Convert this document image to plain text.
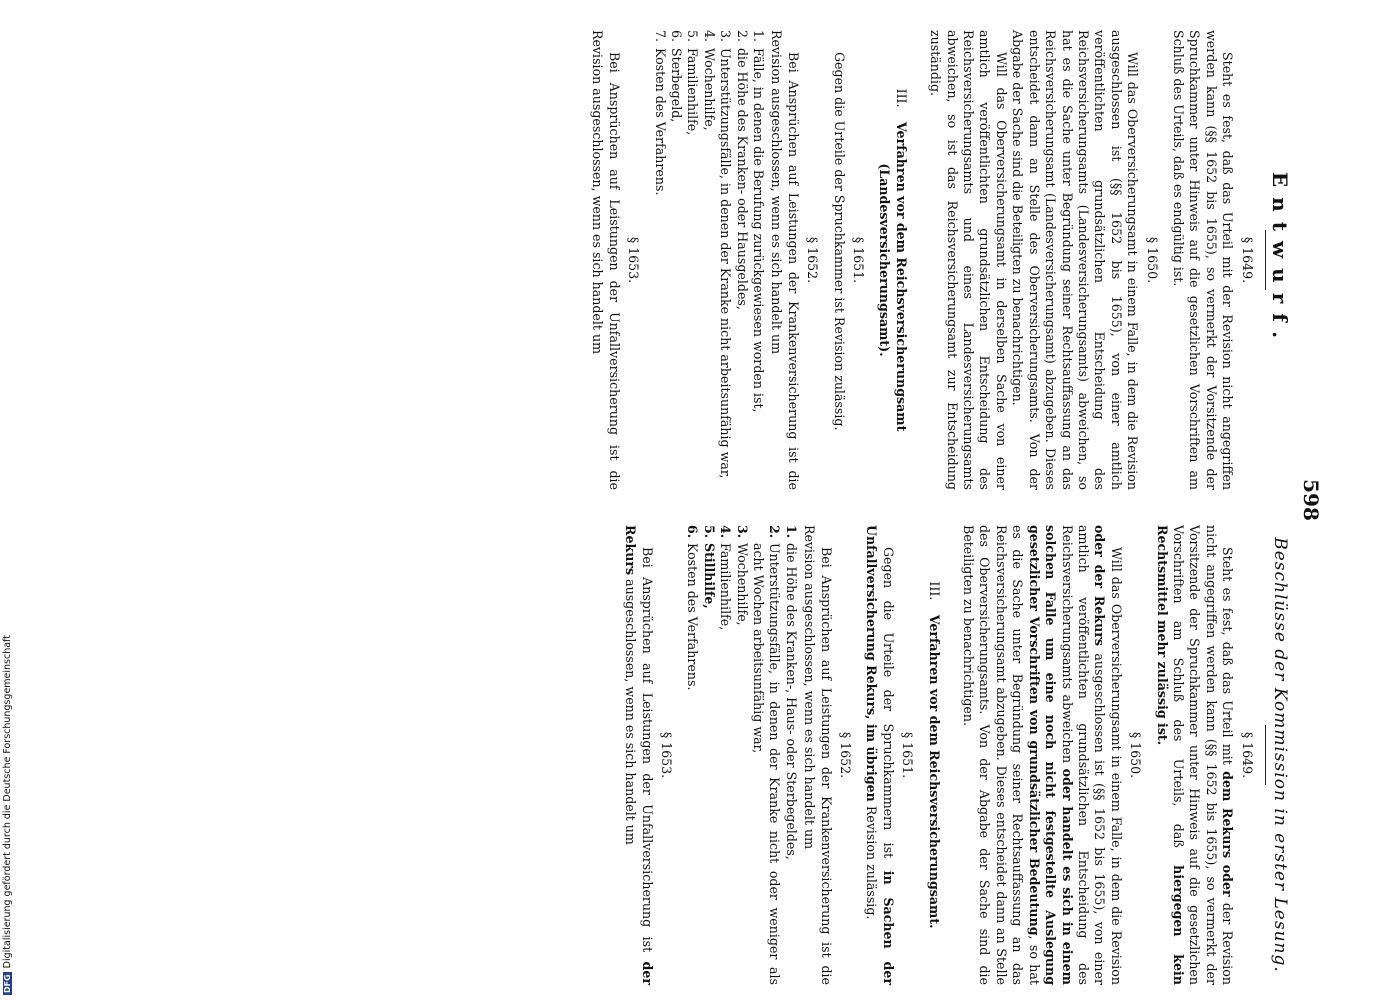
598
Entwurf.
§ 1649.

Steht es fest, daß das Urteil mit der Revision nicht angegriffen werden kann (§§ 1652 bis 1655), so vermerkt der Vorsitzende der Spruchkammer unter Hinweis auf die gesetzlichen Vorschriften am Schluß des Urteils, daß es endgültig ist.

§ 1650.

Will das Oberversicherungsamt in einem Falle, in dem die Revision ausgeschlossen ist (§§ 1652 bis 1655), von einer amtlich veröffentlichten grundsätzlichen Entscheidung des Reichsversicherungsamts (Landesversicherungsamts) abweichen, so hat es die Sache unter Begründung seiner Rechtsauffassung an das Reichsversicherungsamt (Landesversicherungsamt) abzugeben. Dieses entscheidet dann an Stelle des Oberversicherungsamts. Von der Abgabe der Sache sind die Beteiligten zu benachrichtigen.

Will das Oberversicherungsamt in derselben Sache von einer amtlich veröffentlichten grundsätzlichen Entscheidung des Reichsversicherungsamts und eines Landesversicherungsamts abweichen, so ist das Reichsversicherungsamt zur Entscheidung zuständig.

III. Verfahren vor dem Reichsversicherungsamt (Landesversicherungsamt).
§ 1651.

Gegen die Urteile der Spruchkammer ist Revision zulässig.

§ 1652.

Bei Ansprüchen auf Leistungen der Krankenversicherung ist die Revision ausgeschlossen, wenn es sich handelt um

1.Fälle, in denen die Berufung zurückgewiesen worden ist,
2.die Höhe des Kranken- oder Hausgeldes,
3.Unterstützungsfälle, in denen der Kranke nicht arbeitsunfähig war,
4.Wochenhilfe,
5.Familienhilfe,
6.Sterbegeld,
7.Kosten des Verfahrens.
§ 1653.

Bei Ansprüchen auf Leistungen der Unfallversicherung ist die Revision ausgeschlossen, wenn es sich handelt um

Beschlüsse der Kommission in erster Lesung.
§ 1649.

Steht es fest, daß das Urteil mit dem Rekurs oder der Revision nicht angegriffen werden kann (§§ 1652 bis 1655), so vermerkt der Vorsitzende der Spruchkammer unter Hinweis auf die gesetzlichen Vorschriften am Schluß des Urteils, daß hiergegen kein Rechtsmittel mehr zulässig ist.

§ 1650.

Will das Oberversicherungsamt in einem Falle, in dem die Revision oder der Rekurs ausgeschlossen ist (§§ 1652 bis 1655), von einer amtlich veröffentlichten grundsätzlichen Entscheidung des Reichsversicherungsamts abweichen oder handelt es sich in einem solchen Falle um eine noch nicht festgestellte Auslegung gesetzlicher Vorschriften von grundsätzlicher Bedeutung, so hat es die Sache unter Begründung seiner Rechtsauffassung an das Reichsversicherungsamt abzugeben. Dieses entscheidet dann an Stelle des Oberversicherungsamts. Von der Abgabe der Sache sind die Beteiligten zu benachrichtigen.

III. Verfahren vor dem Reichsversicherungsamt.
§ 1651.

Gegen die Urteile der Spruchkammern ist in Sachen der Unfallversicherung Rekurs, im übrigen Revision zulässig.

§ 1652.

Bei Ansprüchen auf Leistungen der Krankenversicherung ist die Revision ausgeschlossen, wenn es sich handelt um

1.die Höhe des Kranken-, Haus- oder Sterbegeldes,
2.Unterstützungsfälle, in denen der Kranke nicht oder weniger als acht Wochen arbeitsunfähig war,
3.Wochenhilfe,
4.Familienhilfe,
5.Stillhilfe,
6.Kosten des Verfahrens.
§ 1653.

Bei Ansprüchen auf Leistungen der Unfallversicherung ist der Rekurs ausgeschlossen, wenn es sich handelt um

DFGDigitalisierung gefördert durch die Deutsche Forschungsgemeinschaft
